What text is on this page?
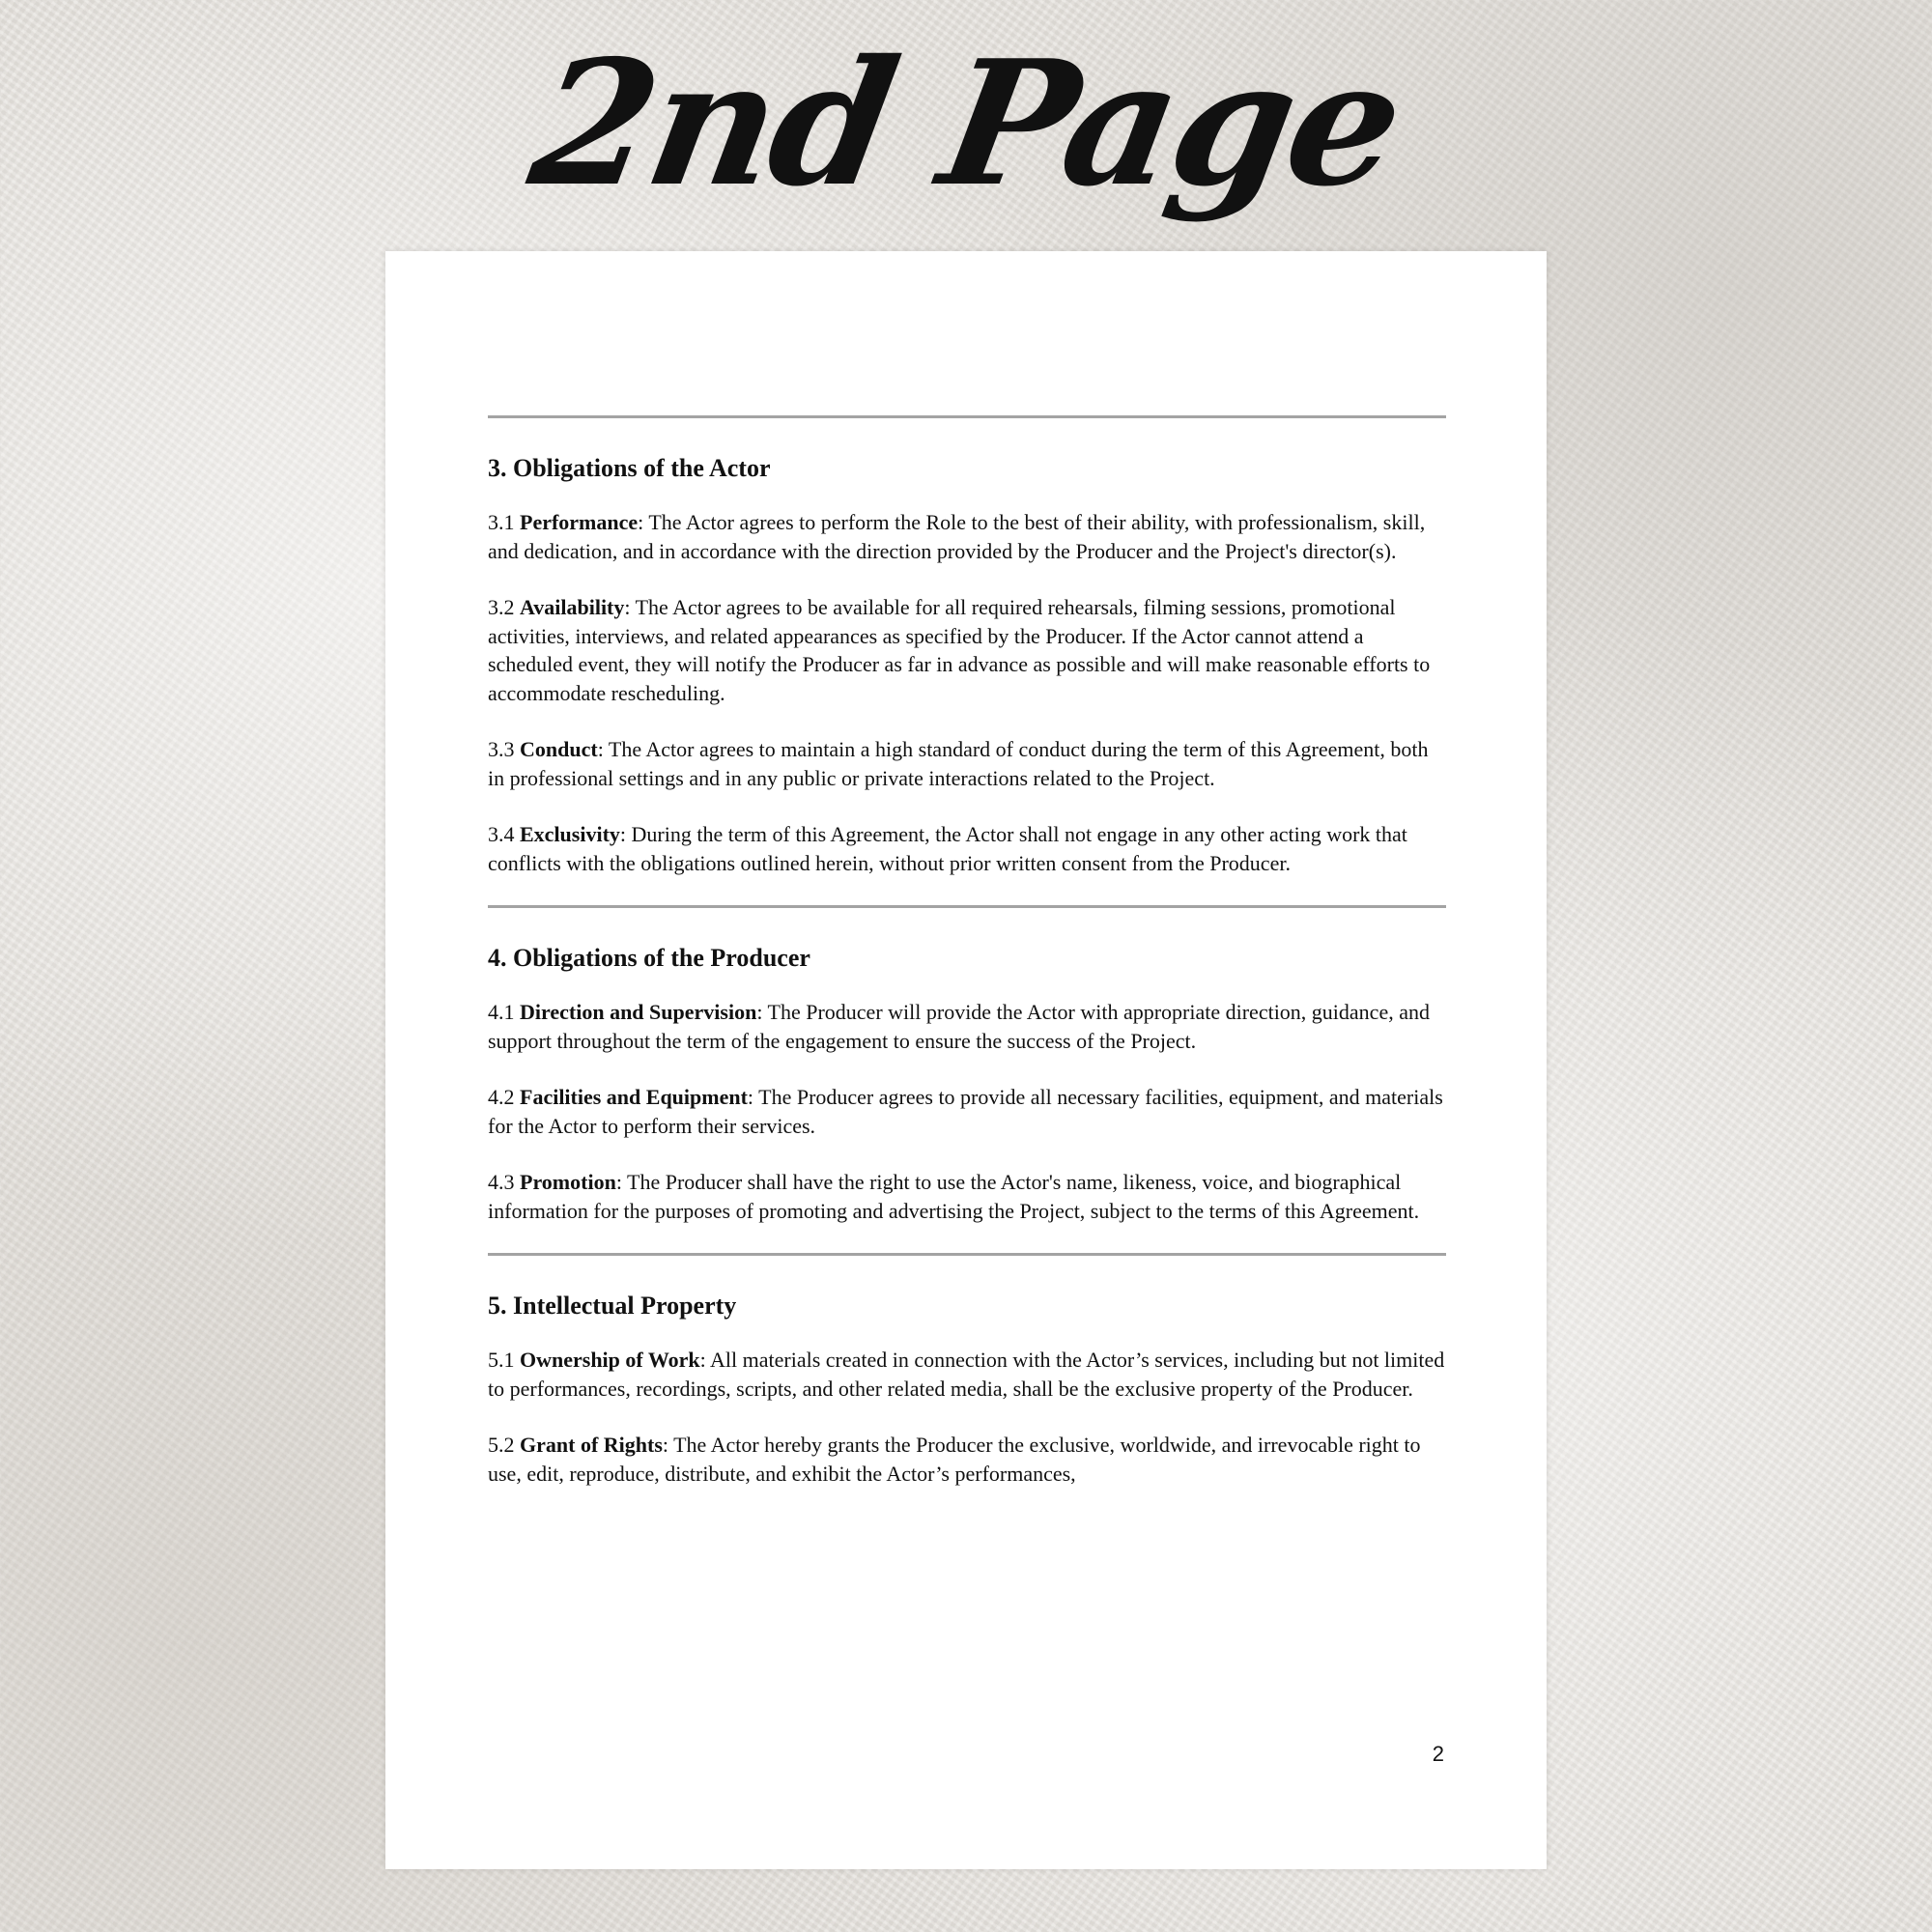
2nd Page
3. Obligations of the Actor

3.1 Performance: The Actor agrees to perform the Role to the best of their ability, with professionalism, skill, and dedication, and in accordance with the direction provided by the Producer and the Project's director(s).

3.2 Availability: The Actor agrees to be available for all required rehearsals, filming sessions, promotional activities, interviews, and related appearances as specified by the Producer. If the Actor cannot attend a scheduled event, they will notify the Producer as far in advance as possible and will make reasonable efforts to accommodate rescheduling.

3.3 Conduct: The Actor agrees to maintain a high standard of conduct during the term of this Agreement, both in professional settings and in any public or private interactions related to the Project.

3.4 Exclusivity: During the term of this Agreement, the Actor shall not engage in any other acting work that conflicts with the obligations outlined herein, without prior written consent from the Producer.

4. Obligations of the Producer

4.1 Direction and Supervision: The Producer will provide the Actor with appropriate direction, guidance, and support throughout the term of the engagement to ensure the success of the Project.

4.2 Facilities and Equipment: The Producer agrees to provide all necessary facilities, equipment, and materials for the Actor to perform their services.

4.3 Promotion: The Producer shall have the right to use the Actor's name, likeness, voice, and biographical information for the purposes of promoting and advertising the Project, subject to the terms of this Agreement.

5. Intellectual Property

5.1 Ownership of Work: All materials created in connection with the Actor’s services, including but not limited to performances, recordings, scripts, and other related media, shall be the exclusive property of the Producer.

5.2 Grant of Rights: The Actor hereby grants the Producer the exclusive, worldwide, and irrevocable right to use, edit, reproduce, distribute, and exhibit the Actor’s performances,

2
